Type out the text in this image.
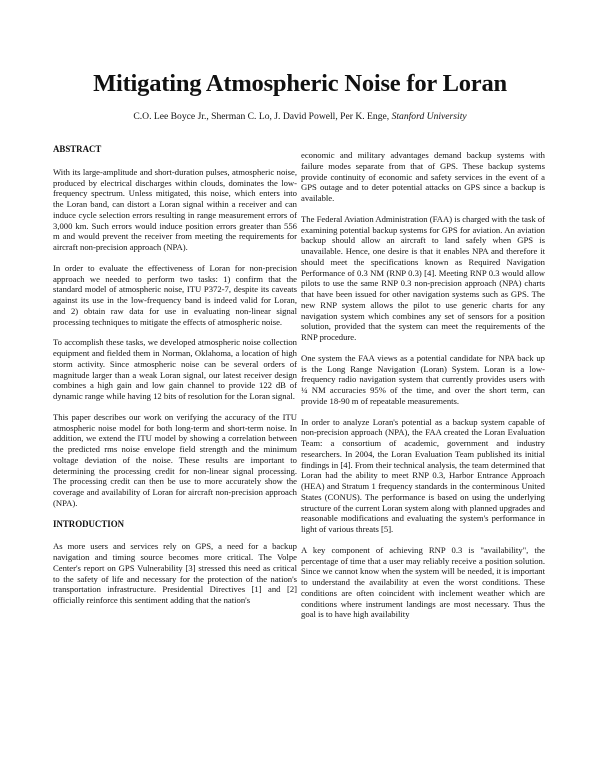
Mitigating Atmospheric Noise for Loran

C.O. Lee Boyce Jr., Sherman C. Lo, J. David Powell, Per K. Enge, Stanford University

ABSTRACT

With its large-amplitude and short-duration pulses, atmospheric noise, produced by electrical discharges within clouds, dominates the low-frequency spectrum. Unless mitigated, this noise, which enters into the Loran band, can distort a Loran signal within a receiver and can induce cycle selection errors resulting in range measurement errors of 3,000 km. Such errors would induce position errors greater than 556 m and would prevent the receiver from meeting the requirements for aircraft non-precision approach (NPA).

In order to evaluate the effectiveness of Loran for non-precision approach we needed to perform two tasks: 1) confirm that the standard model of atmospheric noise, ITU P372-7, despite its caveats against its use in the low-frequency band is indeed valid for Loran, and 2) obtain raw data for use in evaluating non-linear signal processing techniques to mitigate the effects of atmospheric noise.

To accomplish these tasks, we developed atmospheric noise collection equipment and fielded them in Norman, Oklahoma, a location of high storm activity. Since atmospheric noise can be several orders of magnitude larger than a weak Loran signal, our latest receiver design combines a high gain and low gain channel to provide 122 dB of dynamic range while having 12 bits of resolution for the Loran signal.

This paper describes our work on verifying the accuracy of the ITU atmospheric noise model for both long-term and short-term noise. In addition, we extend the ITU model by showing a correlation between the predicted rms noise envelope field strength and the minimum voltage deviation of the noise. These results are important to determining the processing credit for non-linear signal processing. The processing credit can then be use to more accurately show the coverage and availability of Loran for aircraft non-precision approach (NPA).

INTRODUCTION

As more users and services rely on GPS, a need for a backup navigation and timing source becomes more critical. The Volpe Center's report on GPS Vulnerability [3] stressed this need as critical to the safety of life and necessary for the protection of the nation's transportation infrastructure. Presidential Directives [1] and [2] officially reinforce this sentiment adding that the nation's

economic and military advantages demand backup systems with failure modes separate from that of GPS. These backup systems provide continuity of economic and safety services in the event of a GPS outage and to deter potential attacks on GPS since a backup is available.

The Federal Aviation Administration (FAA) is charged with the task of examining potential backup systems for GPS for aviation. An aviation backup should allow an aircraft to land safely when GPS is unavailable. Hence, one desire is that it enables NPA and therefore it should meet the specifications known as Required Navigation Performance of 0.3 NM (RNP 0.3) [4]. Meeting RNP 0.3 would allow pilots to use the same RNP 0.3 non-precision approach (NPA) charts that have been issued for other navigation systems such as GPS. The new RNP system allows the pilot to use generic charts for any navigation system which combines any set of sensors for a position solution, provided that the system can meet the requirements of the RNP procedure.

One system the FAA views as a potential candidate for NPA back up is the Long Range Navigation (Loran) System. Loran is a low-frequency radio navigation system that currently provides users with ¼ NM accuracies 95% of the time, and over the short term, can provide 18-90 m of repeatable measurements.

In order to analyze Loran's potential as a backup system capable of non-precision approach (NPA), the FAA created the Loran Evaluation Team: a consortium of academic, government and industry researchers. In 2004, the Loran Evaluation Team published its initial findings in [4]. From their technical analysis, the team determined that Loran had the ability to meet RNP 0.3, Harbor Entrance Approach (HEA) and Stratum 1 frequency standards in the conterminous United States (CONUS). The performance is based on using the underlying structure of the current Loran system along with planned upgrades and reasonable modifications and evaluating the system's performance in light of various threats [5].

A key component of achieving RNP 0.3 is "availability", the percentage of time that a user may reliably receive a position solution. Since we cannot know when the system will be needed, it is important to understand the availability at even the worst conditions. These conditions are often coincident with inclement weather which are conditions where instrument landings are most necessary. Thus the goal is to have high availability
